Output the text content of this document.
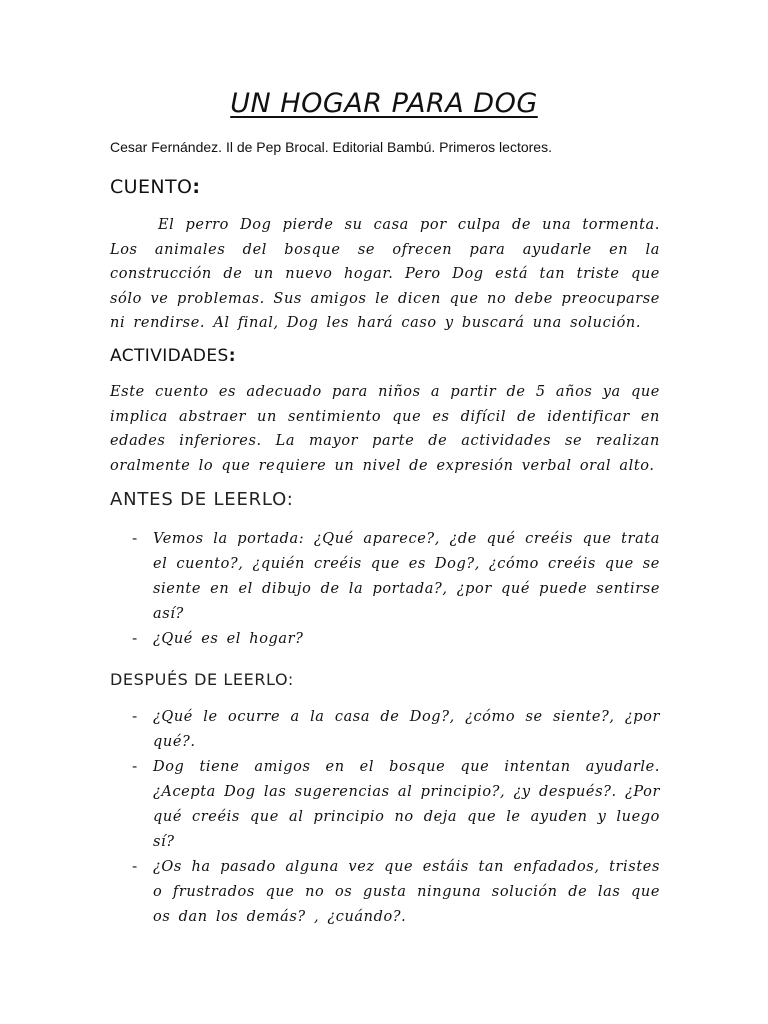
UN HOGAR PARA DOG

Cesar Fernández. Il de Pep Brocal. Editorial Bambú. Primeros lectores.

CUENTO:

El perro Dog pierde su casa por culpa de una tormenta. Los animales del bosque se ofrecen para ayudarle en la construcción de un nuevo hogar. Pero Dog está tan triste que sólo ve problemas. Sus amigos le dicen que no debe preocuparse ni rendirse. Al final, Dog les hará caso y buscará una solución.

ACTIVIDADES:

Este cuento es adecuado para niños a partir de 5 años ya que implica abstraer un sentimiento que es difícil de identificar en edades inferiores. La mayor parte de actividades se realizan oralmente lo que requiere un nivel de expresión verbal oral alto.

ANTES DE LEERLO:
- Vemos la portada: ¿Qué aparece?, ¿de qué creéis que trata el cuento?, ¿quién creéis que es Dog?, ¿cómo creéis que se siente en el dibujo de la portada?, ¿por qué puede sentirse así?
- ¿Qué es el hogar?
DESPUÉS DE LEERLO:
- ¿Qué le ocurre a la casa de Dog?, ¿cómo se siente?, ¿por qué?.
- Dog tiene amigos en el bosque que intentan ayudarle. ¿Acepta Dog las sugerencias al principio?, ¿y después?. ¿Por qué creéis que al principio no deja que le ayuden y luego sí?
- ¿Os ha pasado alguna vez que estáis tan enfadados, tristes o frustrados que no os gusta ninguna solución de las que os dan los demás? , ¿cuándo?.
